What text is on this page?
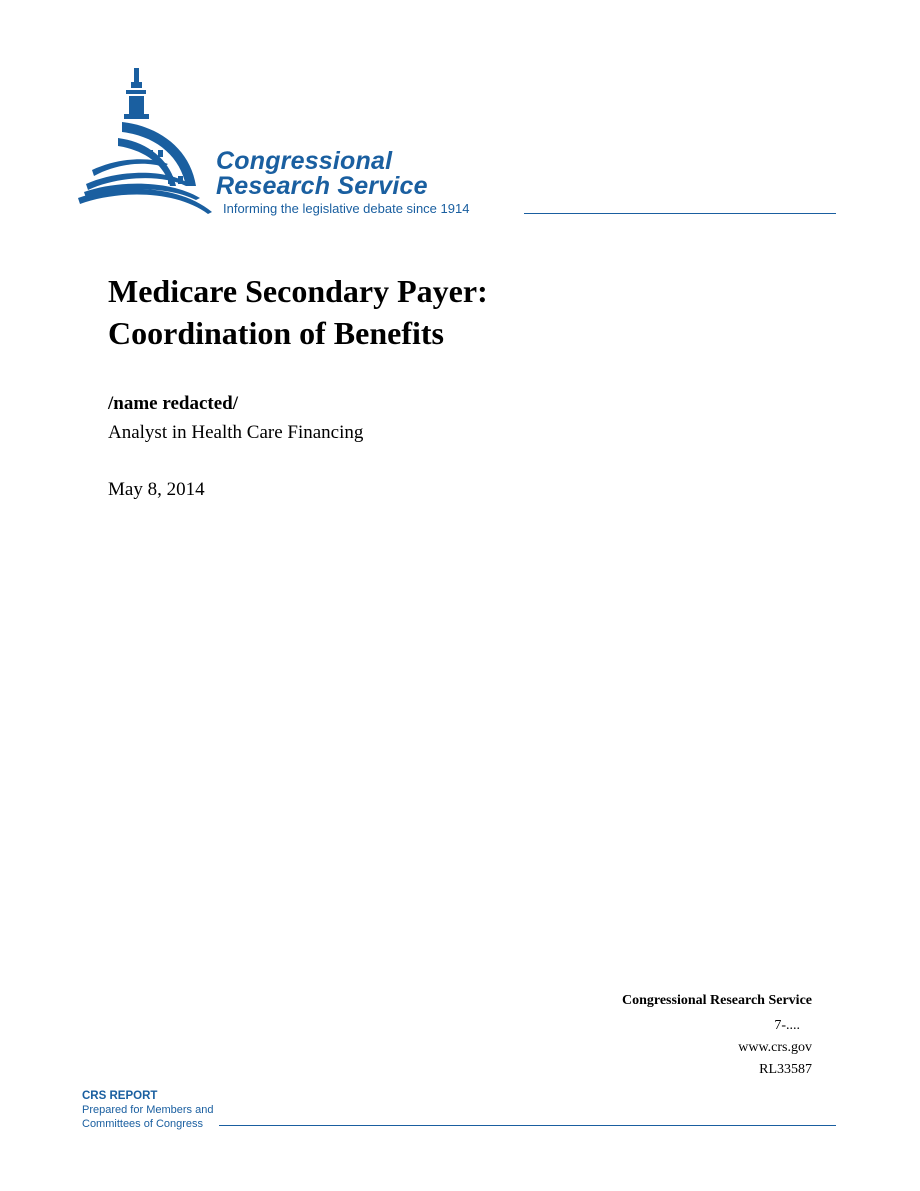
Congressional
Research Service
Informing the legislative debate since 1914
Medicare Secondary Payer:
Coordination of Benefits
/name redacted/
Analyst in Health Care Financing
May 8, 2014
Congressional Research Service
7-....
www.crs.gov
RL33587
CRS REPORT
Prepared for Members and
Committees of Congress
